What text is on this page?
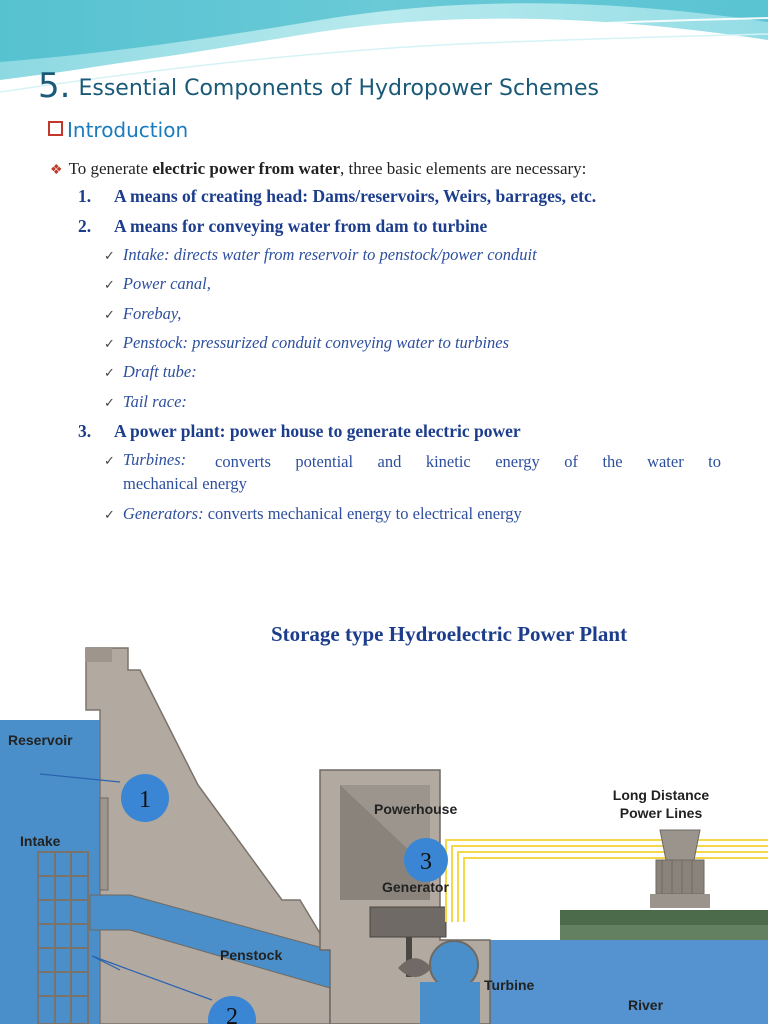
5. Essential Components of Hydropower Schemes
Introduction
❖ To generate electric power from water, three basic elements are necessary:
1. A means of creating head: Dams/reservoirs, Weirs, barrages, etc.
2. A means for conveying water from dam to turbine
✓ Intake: directs water from reservoir to penstock/power conduit
✓ Power canal,
✓ Forebay,
✓ Penstock: pressurized conduit conveying water to turbines
✓ Draft tube:
✓ Tail race:
3. A power plant: power house to generate electric power
✓ Turbines:	converts potential and kinetic energy of the water to
mechanical energy
✓ Generators: converts mechanical energy to electrical energy
1
3
2
Storage type Hydroelectric Power Plant
Reservoir
Intake
Penstock
Powerhouse
Generator
Turbine
River
Long Distance
Power Lines
